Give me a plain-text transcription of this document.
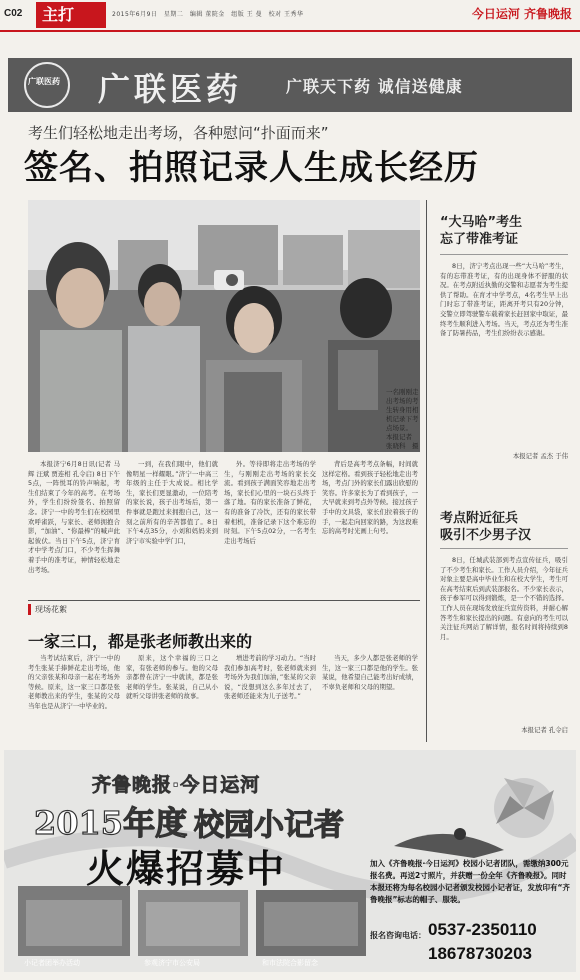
C02	主打	2015年6月9日　星期二　编辑 董院金　组版 王 曼　校对 王秀华	今日运河 齐鲁晚报
广联医药 广联医药	广联天下药 诚信送健康
考生们轻松地走出考场，各种慰问“扑面而来”
签名、拍照记录人生成长经历
一名刚刚走出考场的考生转身用相机记录下考点场景。　本报记者　张晓科　摄

本报济宁6月8日讯(记者 马辉 汪斌 贾连相 孔令启) 8日下午5点，一阵悦耳的铃声响起，考生们结束了今年的高考。在考场外，学生们纷纷签名、拍照留念。济宁一中的考生们在校园里欢呼雀跃，与家长、老师拥抱合影，“加油”、“你最棒”的喊声此起彼伏。当日下午5点，济宁育才中学考点门口，不少考生挥舞着手中的准考证，神情轻松地走出考场。

一到，在我们眼中，他们就像明星一样耀眼。”济宁一中高三年级的主任于大成说。相比学生，家长们更显激动，一位陪考的家长说，孩子出考场后，第一件事就是跑过来拥抱自己，这一刻之前所有的辛苦都值了。8日下午4点35分，小刘和妈妈来到济宁市实验中学门口，

外。等待即将走出考场的学生，与刚刚走出考场的家长交流。看到孩子满面笑容地走出考场，家长们心里的一块石头终于落了地。有的家长准备了鲜花，有的准备了冷饮，还有的家长带着相机，准备记录下这个难忘的时刻。下午5点02分，一名考生走出考场后

背后是高考考点条幅，时间就这样定格。看到孩子轻松地走出考场，考点门外的家长们露出欣慰的笑容。许多家长为了看到孩子，一大早就来到考点外等候。接过孩子手中的文具袋，家长们拉着孩子的手，一起走向回家的路，为这段难忘的高考时光画上句号。

“大马哈”考生
忘了带准考证

8日，济宁考点出现一些“大马哈”考生，有的忘带准考证，有的出现身体不舒服的状况。在考点附近执勤的交警和志愿者为考生提供了帮助。在育才中学考点，4名考生早上出门时忘了带准考证，距离开考只有20分钟，交警立即驾驶警车载着家长赶回家中取证，最终考生顺利进入考场。当天，考点还为考生准备了防暑药品，考生们纷纷表示感谢。

本报记者 孟杰 于伟
考点附近征兵
吸引不少男子汉

8日，任城武装部到考点宣传征兵，吸引了不少考生和家长。工作人员介绍，今年征兵对象主要是高中毕业生和在校大学生，考生可在高考结束后到武装部报名。不少家长表示，孩子参军可以得到锻炼，是一个不错的选择。工作人员在现场发放征兵宣传资料，并耐心解答考生和家长提出的问题。有意向的考生可以关注征兵网站了解详情，报名时间将持续到8月。

本报记者 孔令启
现场花絮
一家三口，都是张老师教出来的

当考试结束后，济宁一中的考生张某手捧鲜花走出考场，他的父亲张某和母亲一起在考场外等候。原来，这一家三口都是张老师教出来的学生，张某的父母当年也是从济宁一中毕业的。

原来，这个幸福的三口之家，有张老师的参与。他的父母亲都曾在济宁一中就读，都是张老师的学生。张某说，自己从小就听父母讲张老师的故事。

增进考前的学习动力。“当时我们参加高考时，张老师就来到考场外为我们加油，”张某的父亲说，“没想到这么多年过去了，张老师还能来为儿子送考。”

当天，多少人都是张老师的学生，这一家三口都是他的学生。张某说，他希望自己能考出好成绩，不辜负老师和父母的期望。

齐鲁晚报·今日运河
2015年度 校园小记者
火爆招募中	加入《齐鲁晚报·今日运河》校园小记者团队，需缴纳300元报名费。再送2寸照片，并获赠一份全年《齐鲁晚报》。同时本报还将为每名校园小记者颁发校园小记者证，发放印有“齐鲁晚报”标志的帽子、服装。
报名咨询电话： 0537-2350110
18678730203
小记者团举办活动	参观济宁市公安局	和市法院合影留念
